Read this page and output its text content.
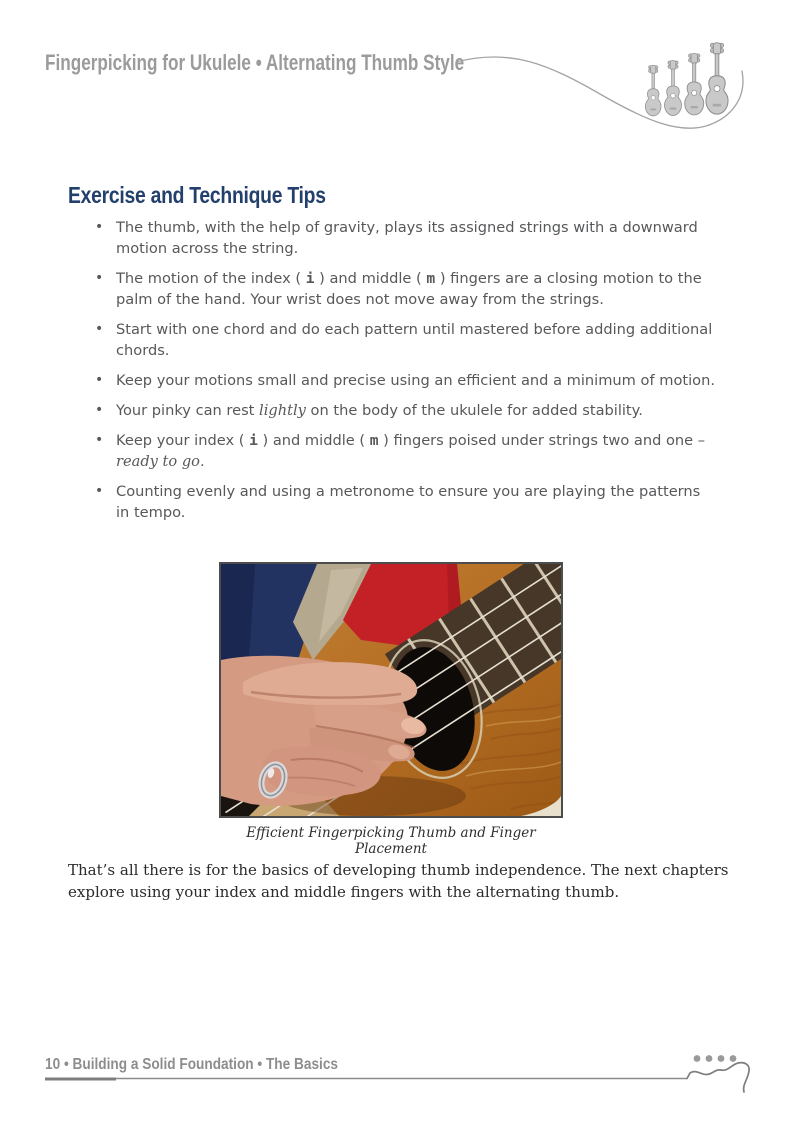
Fingerpicking for Ukulele • Alternating Thumb Style
Exercise and Technique Tips
• The thumb, with the help of gravity, plays its assigned strings with a downward motion across the string.
• The motion of the index ( i ) and middle ( m ) fingers are a closing motion to the palm of the hand. Your wrist does not move away from the strings.
• Start with one chord and do each pattern until mastered before adding additional chords.
• Keep your motions small and precise using an efficient and a minimum of motion.
• Your pinky can rest lightly on the body of the ukulele for added stability.
• Keep your index ( i ) and middle ( m ) fingers poised under strings two and one – ready to go.
• Counting evenly and using a metronome to ensure you are playing the patterns in tempo.
Efficient Fingerpicking Thumb and Finger Placement

That’s all there is for the basics of developing thumb independence. The next chapters explore using your index and middle fingers with the alternating thumb.

10 • Building a Solid Foundation • The Basics
